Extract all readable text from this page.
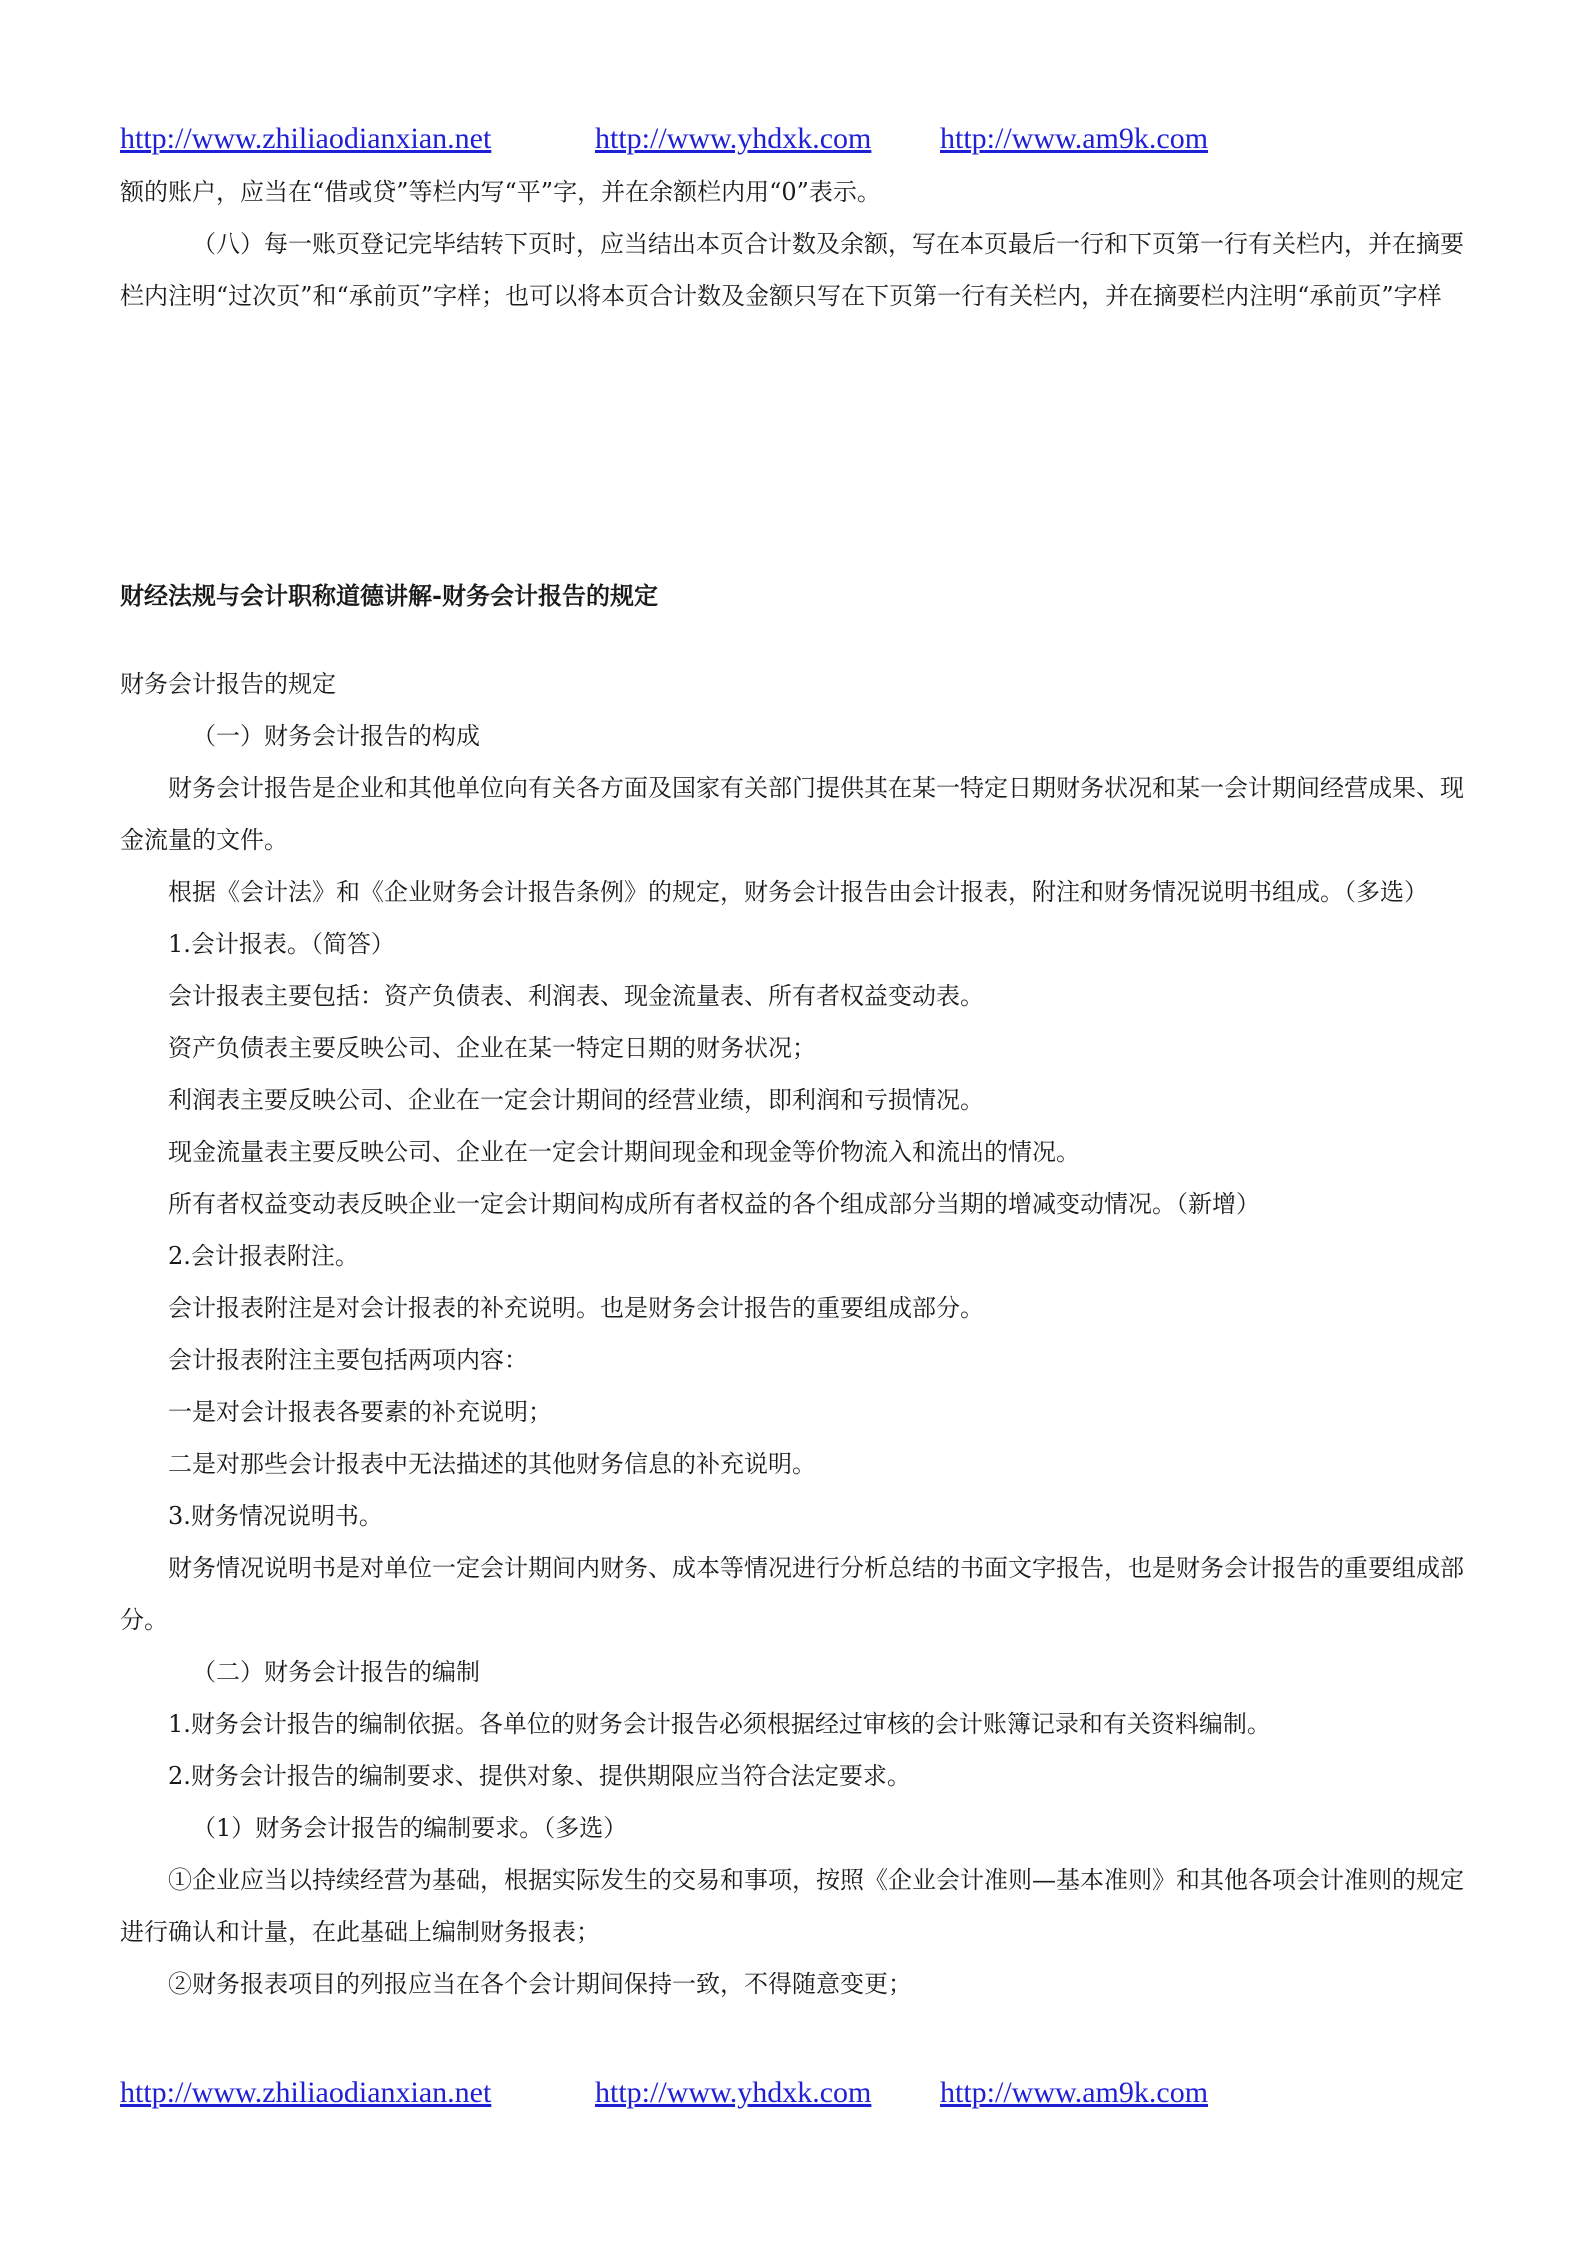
http://www.zhiliaodianxian.net	http://www.yhdxk.com http://www.am9k.com

额的账户，应当在“借或贷”等栏内写“平”字，并在余额栏内用“0”表示。

（八）每一账页登记完毕结转下页时，应当结出本页合计数及余额，写在本页最后一行和下页第一行有关栏内，并在摘要栏内注明“过次页”和“承前页”字样；也可以将本页合计数及金额只写在下页第一行有关栏内，并在摘要栏内注明“承前页”字样

财经法规与会计职称道德讲解-财务会计报告的规定

财务会计报告的规定

（一）财务会计报告的构成

财务会计报告是企业和其他单位向有关各方面及国家有关部门提供其在某一特定日期财务状况和某一会计期间经营成果、现金流量的文件。

根据《会计法》和《企业财务会计报告条例》的规定，财务会计报告由会计报表，附注和财务情况说明书组成。（多选）

1.会计报表。（简答）

会计报表主要包括：资产负债表、利润表、现金流量表、所有者权益变动表。

资产负债表主要反映公司、企业在某一特定日期的财务状况；

利润表主要反映公司、企业在一定会计期间的经营业绩，即利润和亏损情况。

现金流量表主要反映公司、企业在一定会计期间现金和现金等价物流入和流出的情况。

所有者权益变动表反映企业一定会计期间构成所有者权益的各个组成部分当期的增减变动情况。（新增）

2.会计报表附注。

会计报表附注是对会计报表的补充说明。也是财务会计报告的重要组成部分。

会计报表附注主要包括两项内容：

一是对会计报表各要素的补充说明；

二是对那些会计报表中无法描述的其他财务信息的补充说明。

3.财务情况说明书。

财务情况说明书是对单位一定会计期间内财务、成本等情况进行分析总结的书面文字报告，也是财务会计报告的重要组成部分。

（二）财务会计报告的编制

1.财务会计报告的编制依据。各单位的财务会计报告必须根据经过审核的会计账簿记录和有关资料编制。

2.财务会计报告的编制要求、提供对象、提供期限应当符合法定要求。

（1）财务会计报告的编制要求。（多选）

①企业应当以持续经营为基础，根据实际发生的交易和事项，按照《企业会计准则—基本准则》和其他各项会计准则的规定进行确认和计量，在此基础上编制财务报表；

②财务报表项目的列报应当在各个会计期间保持一致，不得随意变更；

http://www.zhiliaodianxian.net	http://www.yhdxk.com http://www.am9k.com
